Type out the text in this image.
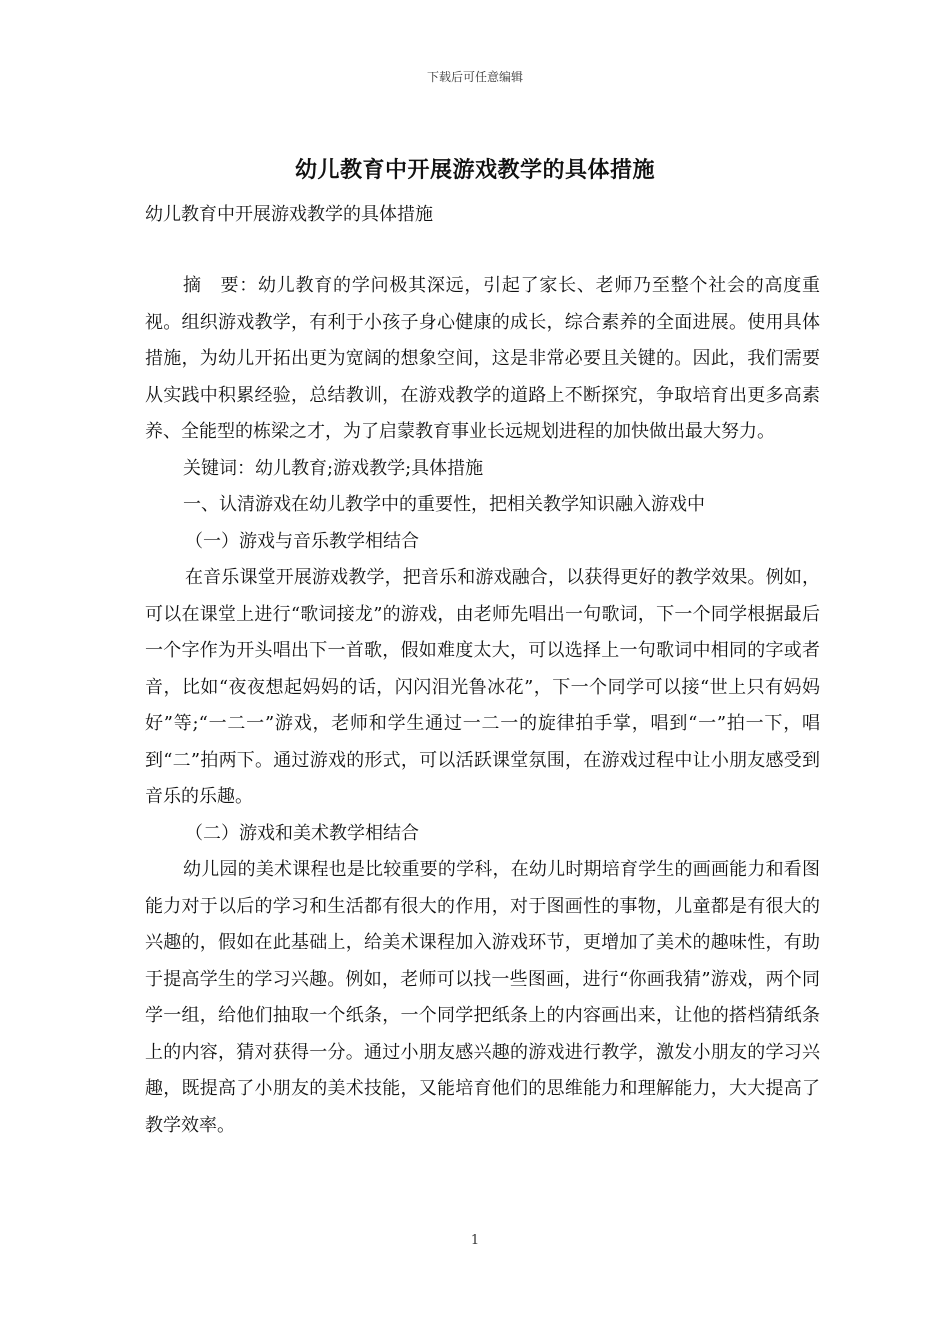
下载后可任意编辑
幼儿教育中开展游戏教学的具体措施

幼儿教育中开展游戏教学的具体措施

摘　要：幼儿教育的学问极其深远，引起了家长、老师乃至整个社会的高度重视。组织游戏教学，有利于小孩子身心健康的成长，综合素养的全面进展。使用具体措施，为幼儿开拓出更为宽阔的想象空间，这是非常必要且关键的。因此，我们需要从实践中积累经验，总结教训，在游戏教学的道路上不断探究，争取培育出更多高素养、全能型的栋梁之才，为了启蒙教育事业长远规划进程的加快做出最大努力。

关键词：幼儿教育;游戏教学;具体措施

一、认清游戏在幼儿教学中的重要性，把相关教学知识融入游戏中

（一）游戏与音乐教学相结合

在音乐课堂开展游戏教学，把音乐和游戏融合，以获得更好的教学效果。例如，可以在课堂上进行“歌词接龙”的游戏，由老师先唱出一句歌词，下一个同学根据最后一个字作为开头唱出下一首歌，假如难度太大，可以选择上一句歌词中相同的字或者音，比如“夜夜想起妈妈的话，闪闪泪光鲁冰花”，下一个同学可以接“世上只有妈妈好”等;“一二一”游戏，老师和学生通过一二一的旋律拍手掌，唱到“一”拍一下，唱到“二”拍两下。通过游戏的形式，可以活跃课堂氛围，在游戏过程中让小朋友感受到音乐的乐趣。

（二）游戏和美术教学相结合

幼儿园的美术课程也是比较重要的学科，在幼儿时期培育学生的画画能力和看图能力对于以后的学习和生活都有很大的作用，对于图画性的事物，儿童都是有很大的兴趣的，假如在此基础上，给美术课程加入游戏环节，更增加了美术的趣味性，有助于提高学生的学习兴趣。例如，老师可以找一些图画，进行“你画我猜”游戏，两个同学一组，给他们抽取一个纸条，一个同学把纸条上的内容画出来，让他的搭档猜纸条上的内容，猜对获得一分。通过小朋友感兴趣的游戏进行教学，激发小朋友的学习兴趣，既提高了小朋友的美术技能，又能培育他们的思维能力和理解能力，大大提高了教学效率。

1
